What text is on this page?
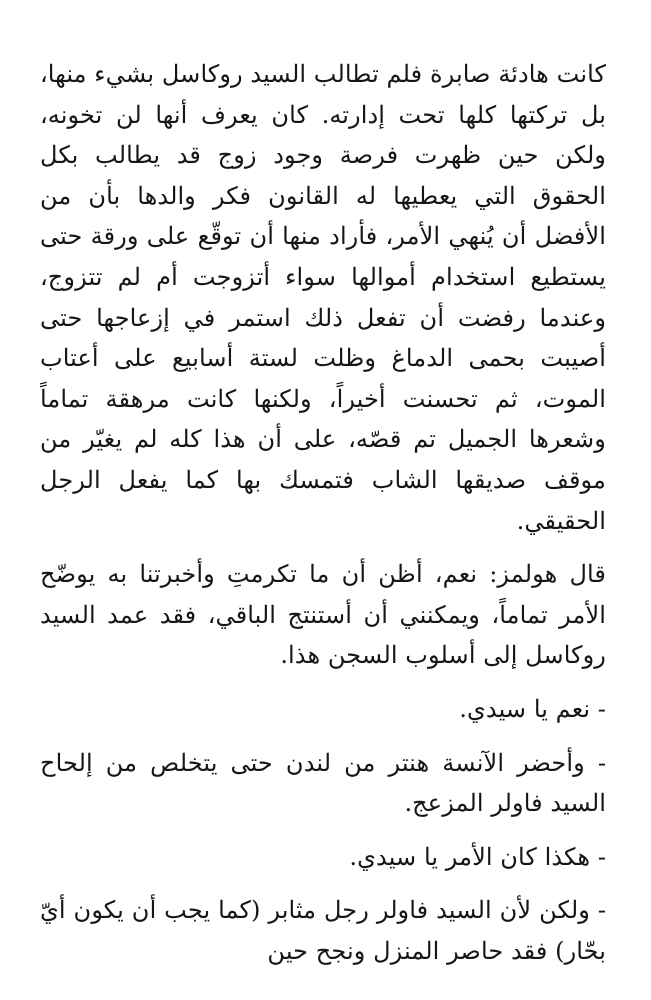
كانت هادئة صابرة فلم تطالب السيد روكاسل بشيء منها، بل تركتها كلها تحت إدارته. كان يعرف أنها لن تخونه، ولكن حين ظهرت فرصة وجود زوج قد يطالب بكل الحقوق التي يعطيها له القانون فكر والدها بأن من الأفضل أن يُنهي الأمر، فأراد منها أن توقّع على ورقة حتى يستطيع استخدام أموالها سواء أتزوجت أم لم تتزوج، وعندما رفضت أن تفعل ذلك استمر في إزعاجها حتى أصيبت بحمى الدماغ وظلت لستة أسابيع على أعتاب الموت، ثم تحسنت أخيراً، ولكنها كانت مرهقة تماماً وشعرها الجميل تم قصّه، على أن هذا كله لم يغيّر من موقف صديقها الشاب فتمسك بها كما يفعل الرجل الحقيقي.

قال هولمز: نعم، أظن أن ما تكرمتِ وأخبرتنا به يوضّح الأمر تماماً، ويمكنني أن أستنتج الباقي، فقد عمد السيد روكاسل إلى أسلوب السجن هذا.

- نعم يا سيدي.

- وأحضر الآنسة هنتر من لندن حتى يتخلص من إلحاح السيد فاولر المزعج.

- هكذا كان الأمر يا سيدي.

- ولكن لأن السيد فاولر رجل مثابر (كما يجب أن يكون أيّ بحّار) فقد حاصر المنزل ونجح حين
